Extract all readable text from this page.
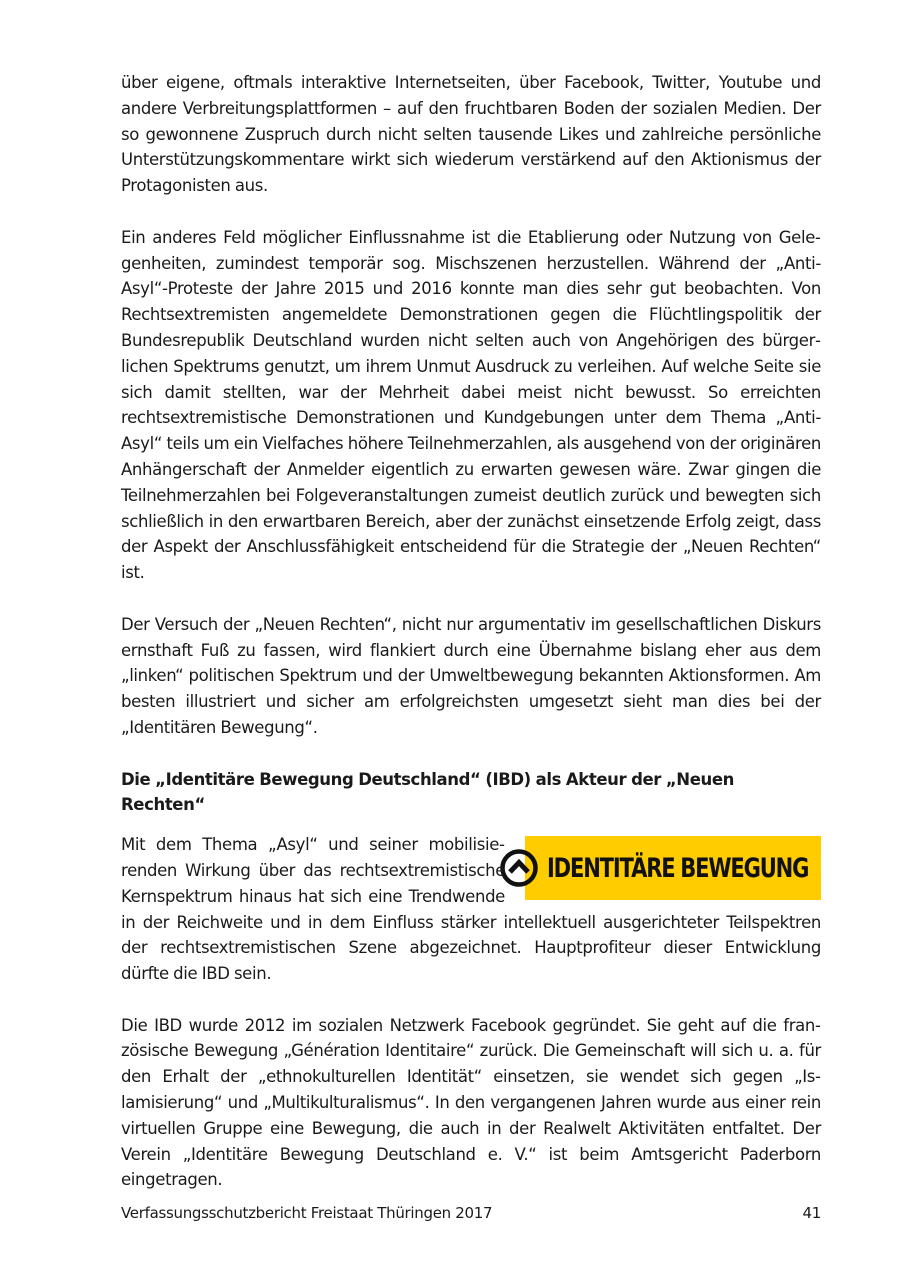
über eigene, oftmals interaktive Internetseiten, über Facebook, Twitter, Youtube und andere Verbreitungsplattformen – auf den fruchtbaren Boden der sozialen Medien. Der so gewonnene Zuspruch durch nicht selten tausende Likes und zahlreiche persönliche Unterstützungskommentare wirkt sich wiederum verstärkend auf den Aktionismus der Protagonisten aus.

Ein anderes Feld möglicher Einflussnahme ist die Etablierung oder Nutzung von Gelegenheiten, zumindest temporär sog. Mischszenen herzustellen. Während der „Anti-Asyl“-Proteste der Jahre 2015 und 2016 konnte man dies sehr gut beobachten. Von Rechtsextremisten angemeldete Demonstrationen gegen die Flüchtlingspolitik der Bundesrepublik Deutschland wurden nicht selten auch von Angehörigen des bürgerlichen Spektrums genutzt, um ihrem Unmut Ausdruck zu verleihen. Auf welche Seite sie sich damit stellten, war der Mehrheit dabei meist nicht bewusst. So erreichten rechtsextremistische Demonstrationen und Kundgebungen unter dem Thema „Anti-Asyl“ teils um ein Vielfaches höhere Teilnehmerzahlen, als ausgehend von der originären Anhängerschaft der Anmelder eigentlich zu erwarten gewesen wäre. Zwar gingen die Teilnehmerzahlen bei Folgeveranstaltungen zumeist deutlich zurück und bewegten sich schließlich in den erwartbaren Bereich, aber der zunächst einsetzende Erfolg zeigt, dass der Aspekt der Anschlussfähigkeit entscheidend für die Strategie der „Neuen Rechten“ ist.

Der Versuch der „Neuen Rechten“, nicht nur argumentativ im gesellschaftlichen Diskurs ernsthaft Fuß zu fassen, wird flankiert durch eine Übernahme bislang eher aus dem „linken“ politischen Spektrum und der Umweltbewegung bekannten Aktionsformen. Am besten illustriert und sicher am erfolgreichsten umgesetzt sieht man dies bei der „Identitären Bewegung“.

Die „Identitäre Bewegung Deutschland“ (IBD) als Akteur der „Neuen Rechten“
IDENTITÄRE BEWEGUNG

Mit dem Thema „Asyl“ und seiner mobilisierenden Wirkung über das rechtsextremistische Kernspektrum hinaus hat sich eine Trendwende in der Reichweite und in dem Einfluss stärker intellektuell ausgerichteter Teilspektren der rechtsextremistischen Szene abgezeichnet. Hauptprofiteur dieser Entwicklung dürfte die IBD sein.

Die IBD wurde 2012 im sozialen Netzwerk Facebook gegründet. Sie geht auf die französische Bewegung „Génération Identitaire“ zurück. Die Gemeinschaft will sich u. a. für den Erhalt der „ethnokulturellen Identität“ einsetzen, sie wendet sich gegen „Islamisierung“ und „Multikulturalismus“. In den vergangenen Jahren wurde aus einer rein virtuellen Gruppe eine Bewegung, die auch in der Realwelt Aktivitäten entfaltet. Der Verein „Identitäre Bewegung Deutschland e. V.“ ist beim Amtsgericht Paderborn eingetragen.

Verfassungsschutzbericht Freistaat Thüringen 2017	41
